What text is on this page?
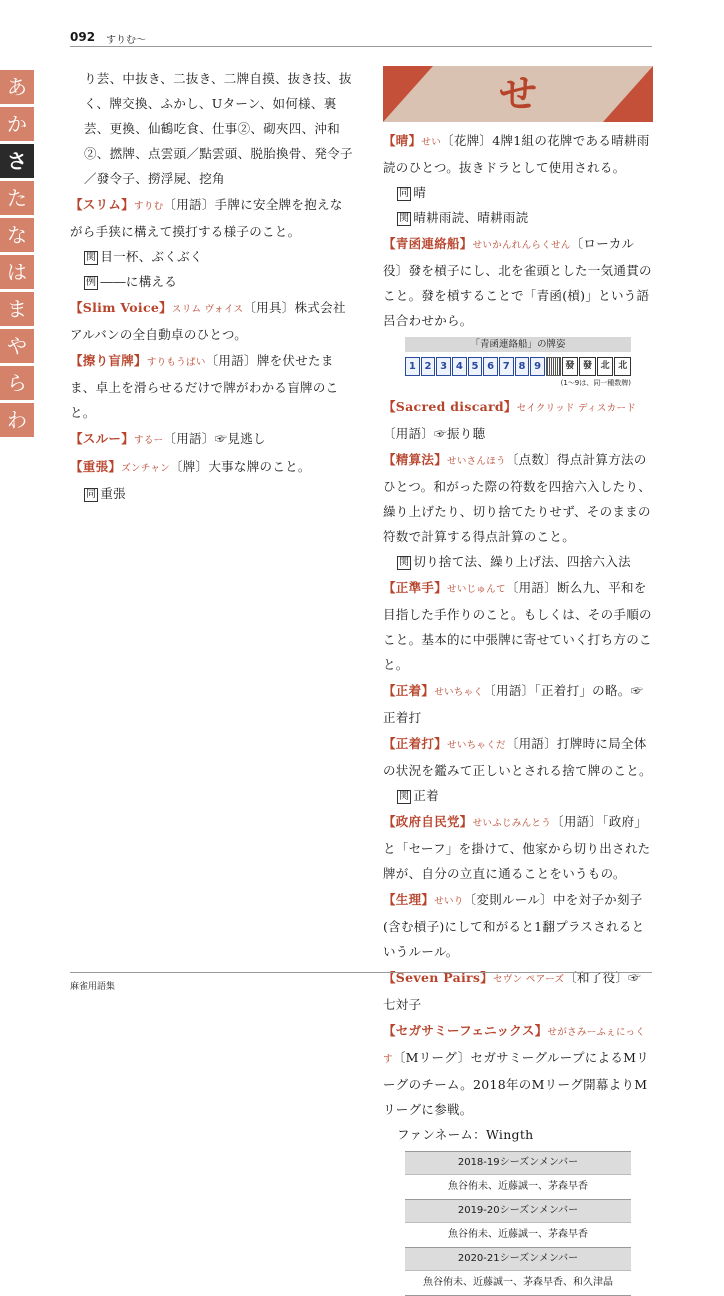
092 すりむ〜
あ
か
さ
た
な
は
ま
や
ら
わ

り芸、中抜き、二抜き、二牌自摸、抜き技、抜く、牌交換、ふかし、Uターン、如何様、裏芸、更換、仙鶴吃食、仕事②、砌夾四、沖和②、撚牌、点雲頭／點雲頭、脱胎換骨、発令子／發令子、撈浮屍、挖角

【スリム】すりむ〔用語〕手牌に安全牌を抱えながら手狭に構えて摸打する様子のこと。

関 目一杯、ぶくぶく
例 ――に構える

【Slim Voice】スリム ヴォイス〔用具〕株式会社アルバンの全自動卓のひとつ。

【擦り盲牌】すりもうぱい〔用語〕牌を伏せたまま、卓上を滑らせるだけで牌がわかる盲牌のこと。

【スルー】するー〔用語〕☞見逃し

【重張】ズンチャン〔牌〕大事な牌のこと。

同 重張
せ

【晴】せい〔花牌〕4牌1組の花牌である晴耕雨読のひとつ。抜きドラとして使用される。

同 晴
関 晴耕雨読、晴耕雨読

【青函連絡船】せいかんれんらくせん〔ローカル役〕發を槓子にし、北を雀頭とした一気通貫のこと。發を槓することで「青函(槓)」という語呂合わせから。

「青函連絡船」の牌姿
1 2 3 4 5 6 7 8 9	發 發 北 北
(1～9は、同一種数牌)

【Sacred discard】セイクリッド ディスカード〔用語〕☞振り聴

【精算法】せいさんほう〔点数〕得点計算方法のひとつ。和がった際の符数を四捨六入したり、繰り上げたり、切り捨てたりせず、そのままの符数で計算する得点計算のこと。

関 切り捨て法、繰り上げ法、四捨六入法

【正準手】せいじゅんて〔用語〕断么九、平和を目指した手作りのこと。もしくは、その手順のこと。基本的に中張牌に寄せていく打ち方のこと。

【正着】せいちゃく〔用語〕「正着打」の略。☞正着打

【正着打】せいちゃくだ〔用語〕打牌時に局全体の状況を鑑みて正しいとされる捨て牌のこと。

関 正着

【政府自民党】せいふじみんとう〔用語〕「政府」と「セーフ」を掛けて、他家から切り出された牌が、自分の立直に通ることをいうもの。

【生理】せいり〔変則ルール〕中を対子か刻子(含む槓子)にして和がると1翻プラスされるというルール。

【Seven Pairs】セヴン ペアーズ〔和了役〕☞七対子

【セガサミーフェニックス】せがさみーふぇにっくす〔Mリーグ〕セガサミーグループによるMリーグのチーム。2018年のMリーグ開幕よりMリーグに参戦。

ファンネーム：Wingth
2018-19シーズンメンバー
魚谷侑未、近藤誠一、茅森早香
2019-20シーズンメンバー
魚谷侑未、近藤誠一、茅森早香
2020-21シーズンメンバー
魚谷侑未、近藤誠一、茅森早香、和久津晶
麻雀用語集
